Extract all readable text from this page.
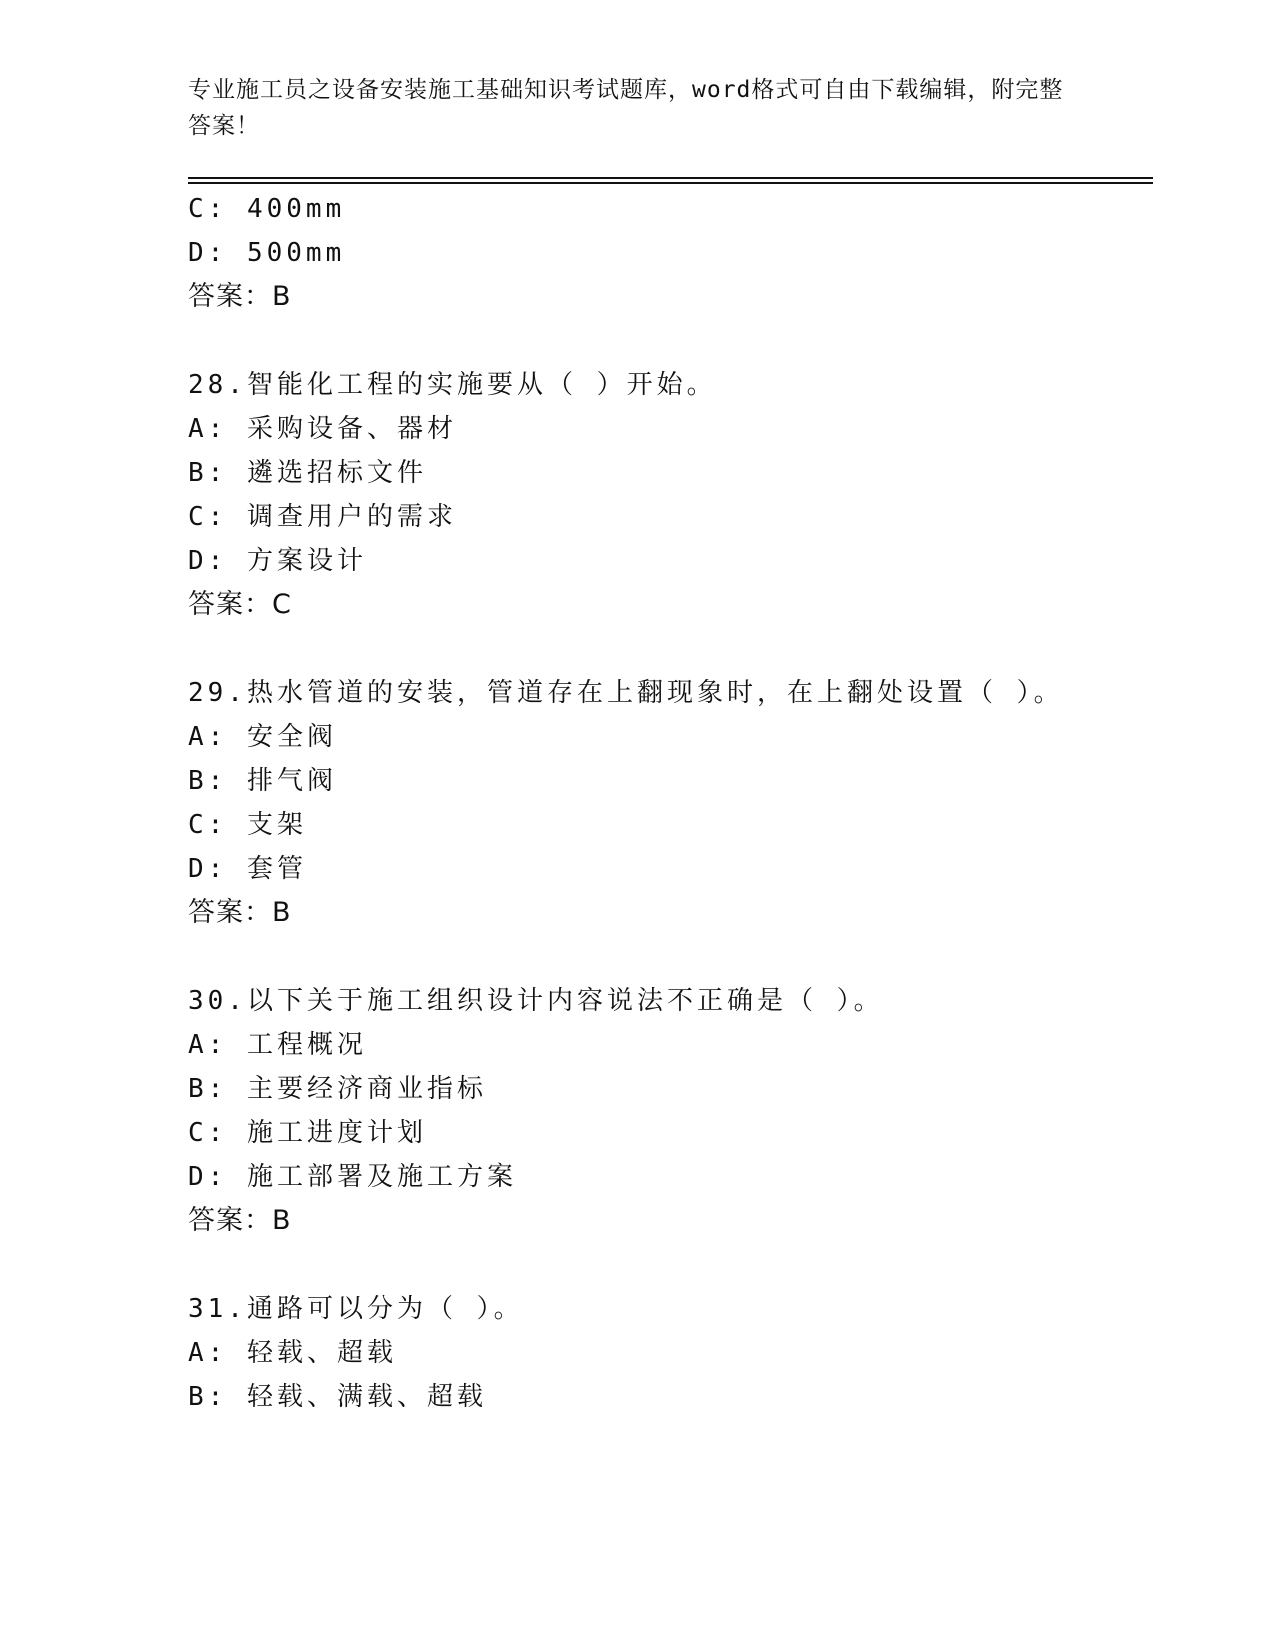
专业施工员之设备安装施工基础知识考试题库，word格式可自由下载编辑，附完整答案！
C: 400mm
D: 500mm
答案：B
28.智能化工程的实施要从（ ）开始。
A: 采购设备、器材
B: 遴选招标文件
C: 调查用户的需求
D: 方案设计
答案：C
29.热水管道的安装，管道存在上翻现象时，在上翻处设置（ ）。
A: 安全阀
B: 排气阀
C: 支架
D: 套管
答案：B
30.以下关于施工组织设计内容说法不正确是（ ）。
A: 工程概况
B: 主要经济商业指标
C: 施工进度计划
D: 施工部署及施工方案
答案：B
31.通路可以分为（ ）。
A: 轻载、超载
B: 轻载、满载、超载
